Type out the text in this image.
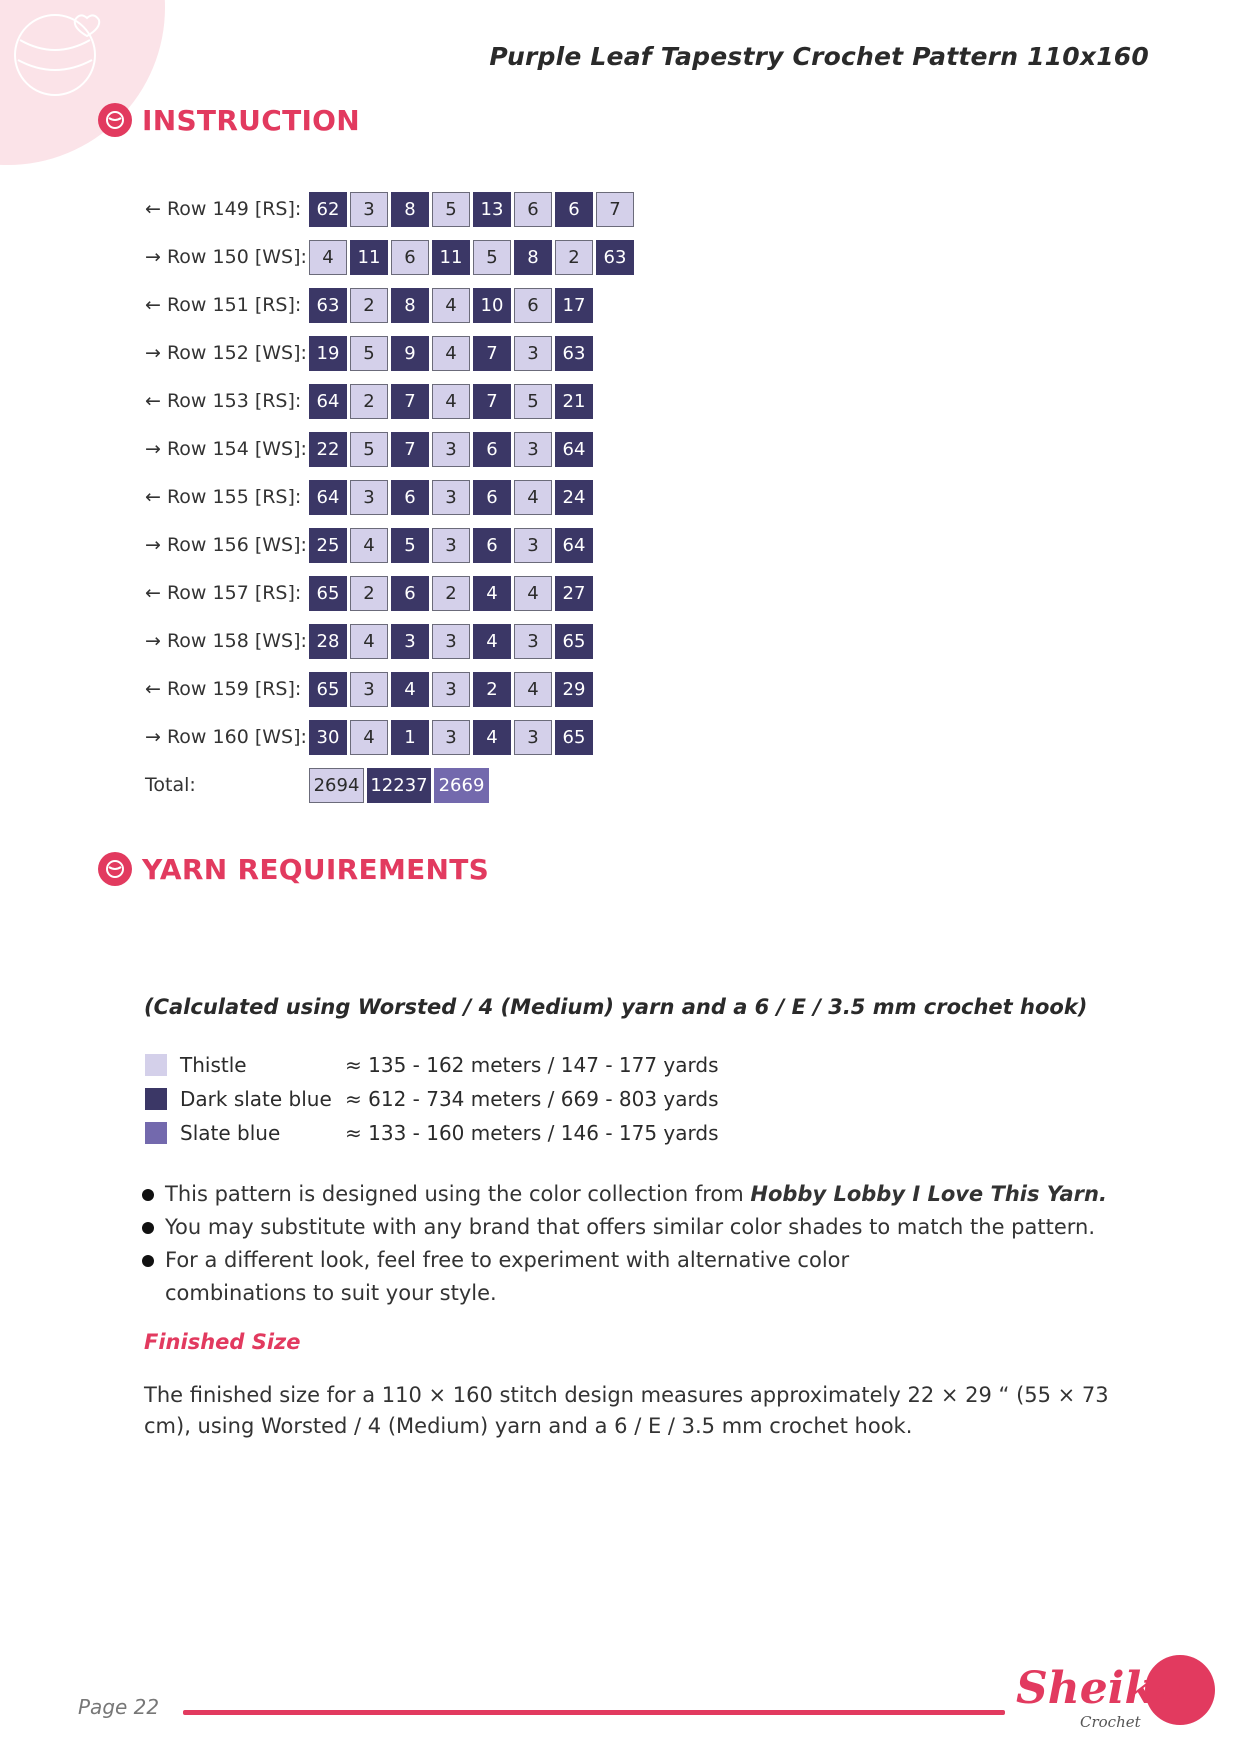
Purple Leaf Tapestry Crochet Pattern 110x160
INSTRUCTION
← Row 149 [RS]: 62	3	8	5	13	6	6	7
→ Row 150 [WS]: 4	11	6	11	5	8	2	63
← Row 151 [RS]: 63	2	8	4	10	6	17
→ Row 152 [WS]: 19	5	9	4	7	3	63
← Row 153 [RS]: 64	2	7	4	7	5	21
→ Row 154 [WS]: 22	5	7	3	6	3	64
← Row 155 [RS]: 64	3	6	3	6	4	24
→ Row 156 [WS]: 25	4	5	3	6	3	64
← Row 157 [RS]: 65	2	6	2	4	4	27
→ Row 158 [WS]: 28	4	3	3	4	3	65
← Row 159 [RS]: 65	3	4	3	2	4	29
→ Row 160 [WS]: 30	4	1	3	4	3	65
Total:	2694 12237 2669
YARN REQUIREMENTS
(Calculated using Worsted / 4 (Medium) yarn and a 6 / E / 3.5 mm crochet hook)
Thistle	≈ 135 - 162 meters / 147 - 177 yards
Dark slate blue ≈ 612 - 734 meters / 669 - 803 yards
Slate blue	≈ 133 - 160 meters / 146 - 175 yards
This pattern is designed using the color collection from Hobby Lobby I Love This Yarn.
You may substitute with any brand that offers similar color shades to match the pattern.
For a different look, feel free to experiment with alternative color combinations to suit your style.
Finished Size
The finished size for a 110 × 160 stitch design measures approximately 22 × 29 “ (55 × 73 cm), using Worsted / 4 (Medium) yarn and a 6 / E / 3.5 mm crochet hook.
Page 22	Sheika
Crochet
